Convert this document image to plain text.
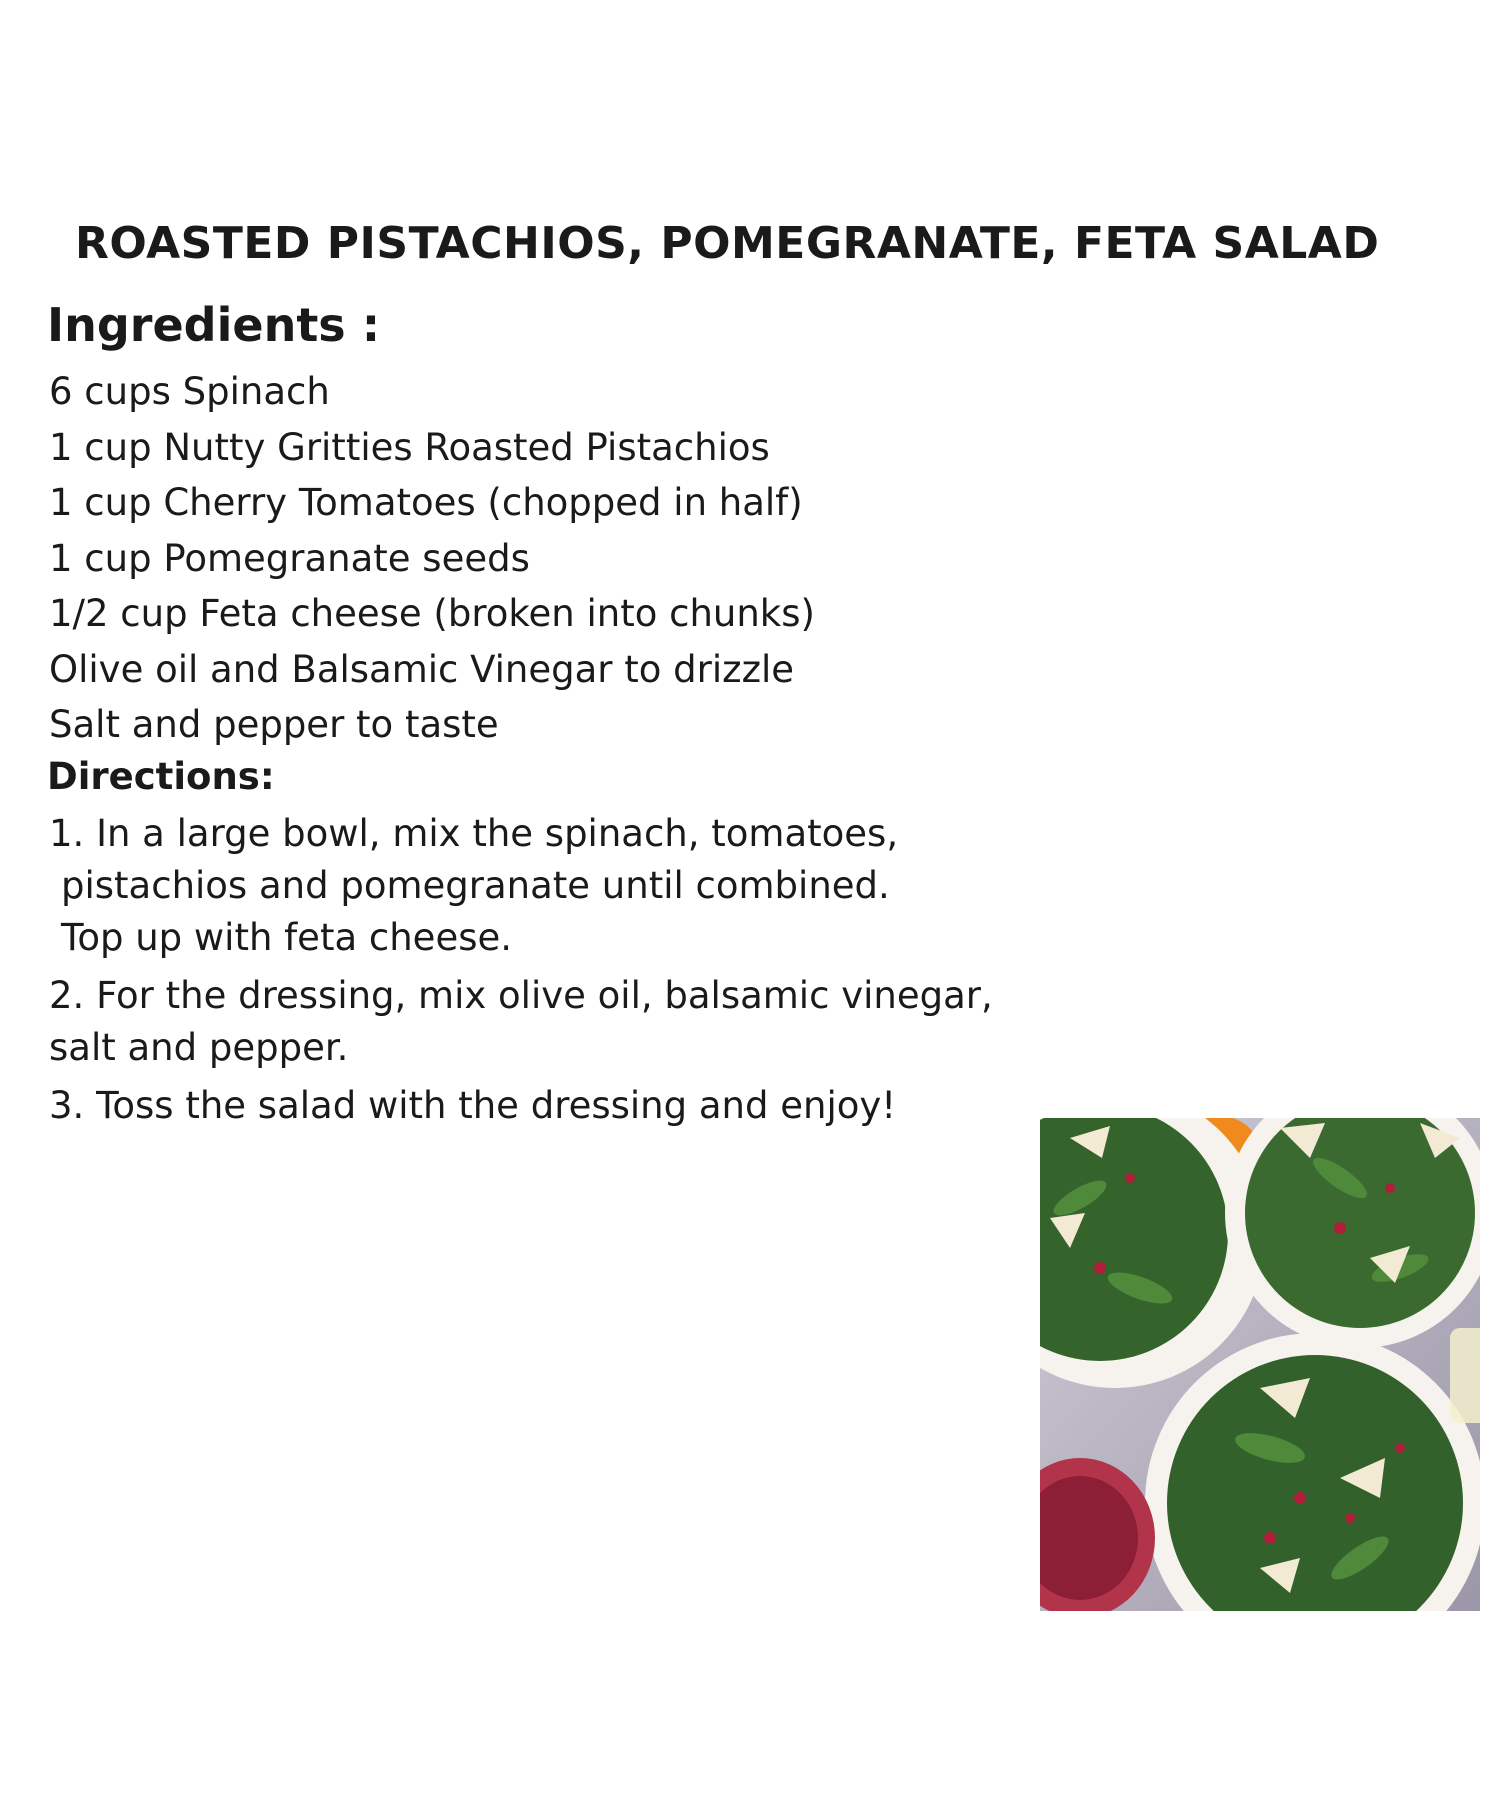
ROASTED PISTACHIOS, POMEGRANATE, FETA SALAD
Ingredients :
6 cups Spinach
1 cup Nutty Gritties Roasted Pistachios
1 cup Cherry Tomatoes (chopped in half)
1 cup Pomegranate seeds
1/2 cup Feta cheese (broken into chunks)
Olive oil and Balsamic Vinegar to drizzle
Salt and pepper to taste
Directions:
1. In a large bowl, mix the spinach, tomatoes,
pistachios and pomegranate until combined.
Top up with feta cheese.
2. For the dressing, mix olive oil, balsamic vinegar,
salt and pepper.
3. Toss the salad with the dressing and enjoy!
